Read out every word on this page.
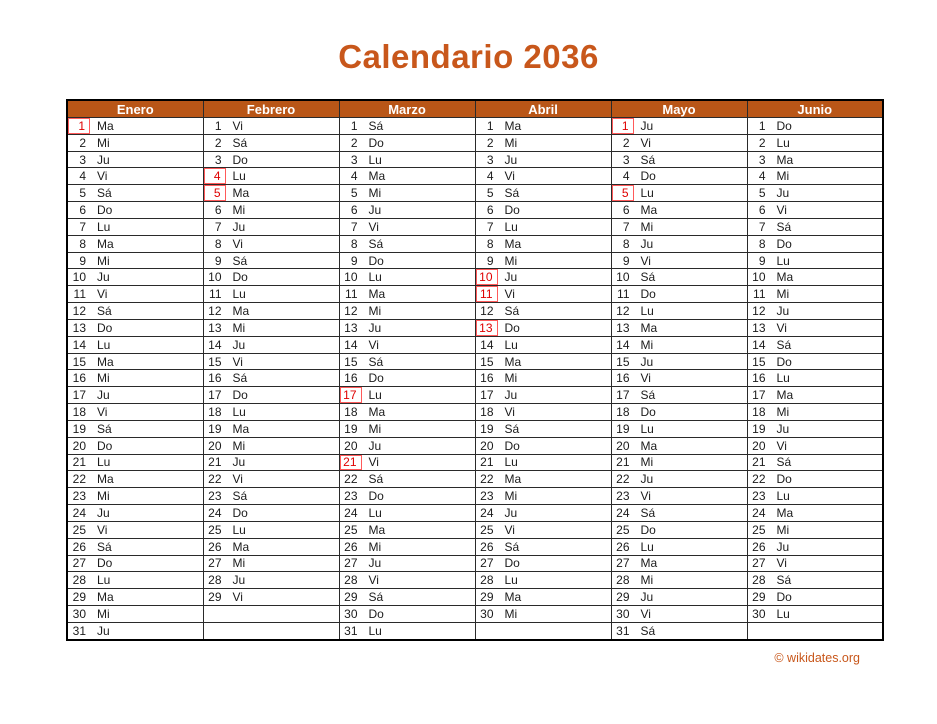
Calendario 2036
Enero	Febrero	Marzo	Abril	Mayo	Junio

1 Ma	1 Vi	1 Sá	1 Ma	1 Ju	1 Do

2 Mi	2 Sá	2 Do	2 Mi	2 Vi	2 Lu

3 Ju	3 Do	3 Lu	3 Ju	3 Sá	3 Ma

4 Vi	4 Lu	4 Ma	4 Vi	4 Do	4 Mi

5 Sá	5 Ma	5 Mi	5 Sá	5 Lu	5 Ju

6 Do	6 Mi	6 Ju	6 Do	6 Ma	6 Vi

7 Lu	7 Ju	7 Vi	7 Lu	7 Mi	7 Sá

8 Ma	8 Vi	8 Sá	8 Ma	8 Ju	8 Do

9 Mi	9 Sá	9 Do	9 Mi	9 Vi	9 Lu

10 Ju	10 Do	10 Lu	10 Ju	10 Sá	10 Ma

11 Vi	11 Lu	11 Ma	11 Vi	11 Do	11 Mi

12 Sá	12 Ma	12 Mi	12 Sá	12 Lu	12 Ju

13 Do	13 Mi	13 Ju	13 Do	13 Ma	13 Vi

14 Lu	14 Ju	14 Vi	14 Lu	14 Mi	14 Sá

15 Ma	15 Vi	15 Sá	15 Ma	15 Ju	15 Do

16 Mi	16 Sá	16 Do	16 Mi	16 Vi	16 Lu

17 Ju	17 Do	17 Lu	17 Ju	17 Sá	17 Ma

18 Vi	18 Lu	18 Ma	18 Vi	18 Do	18 Mi

19 Sá	19 Ma	19 Mi	19 Sá	19 Lu	19 Ju

20 Do	20 Mi	20 Ju	20 Do	20 Ma	20 Vi

21 Lu	21 Ju	21 Vi	21 Lu	21 Mi	21 Sá

22 Ma	22 Vi	22 Sá	22 Ma	22 Ju	22 Do

23 Mi	23 Sá	23 Do	23 Mi	23 Vi	23 Lu

24 Ju	24 Do	24 Lu	24 Ju	24 Sá	24 Ma

25 Vi	25 Lu	25 Ma	25 Vi	25 Do	25 Mi

26 Sá	26 Ma	26 Mi	26 Sá	26 Lu	26 Ju

27 Do	27 Mi	27 Ju	27 Do	27 Ma	27 Vi

28 Lu	28 Ju	28 Vi	28 Lu	28 Mi	28 Sá

29 Ma	29 Vi	29 Sá	29 Ma	29 Ju	29 Do

30 Mi		30 Do	30 Mi	30 Vi	30 Lu

31 Ju		31 Lu		31 Sá	

© wikidates.org
